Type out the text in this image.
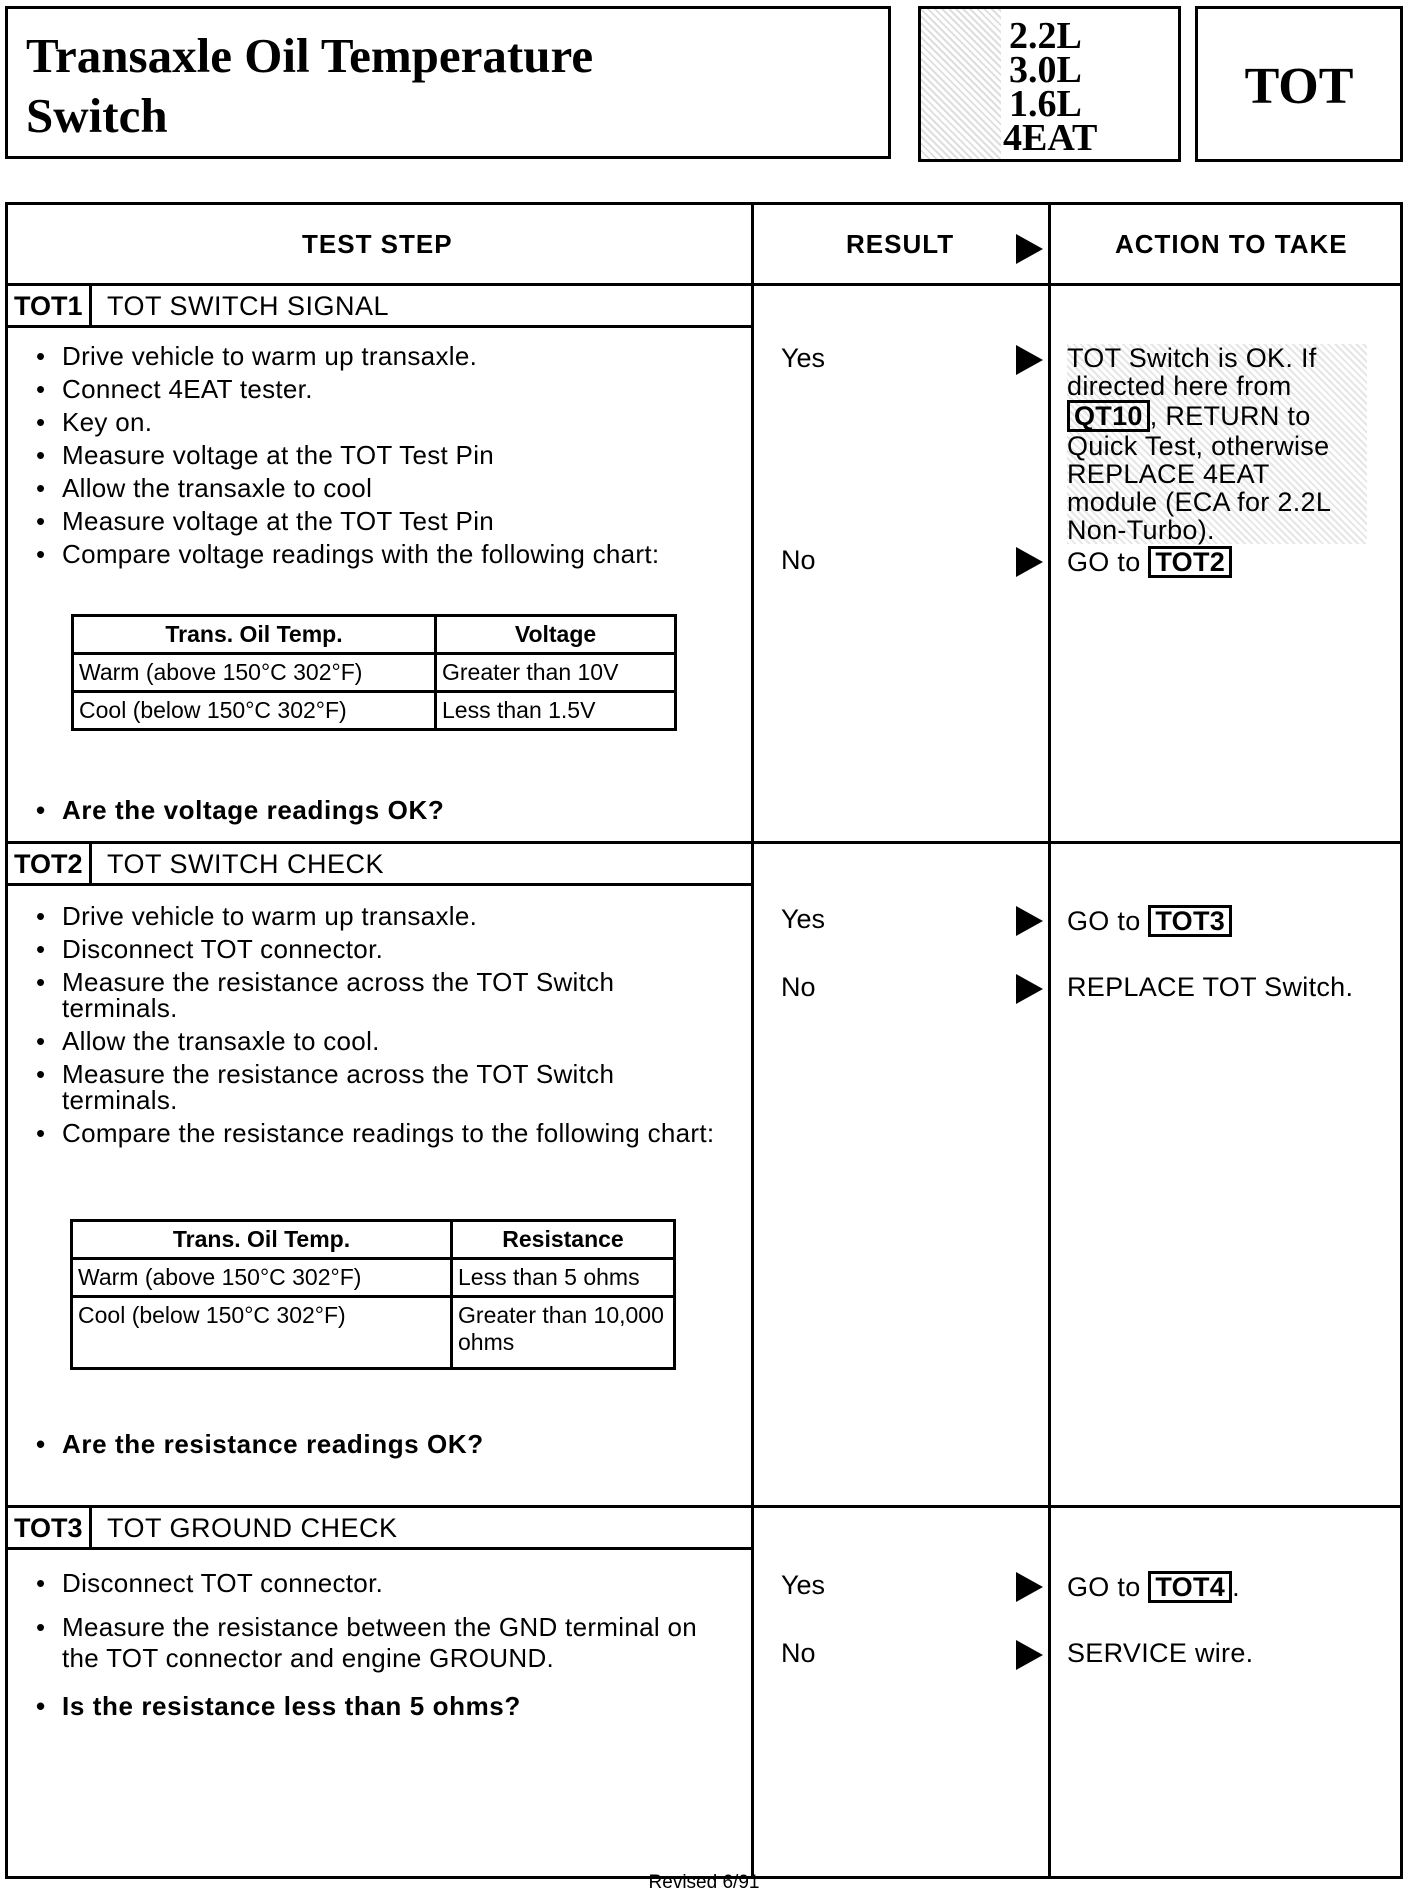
Transaxle Oil Temperature
Switch
2.2L
3.0L
1.6L
4EAT
TOT
TEST STEP	RESULT	ACTION TO TAKE
TOT1 TOT SWITCH SIGNAL
• Drive vehicle to warm up transaxle.
• Connect 4EAT tester.
• Key on.
• Measure voltage at the TOT Test Pin
• Allow the transaxle to cool
• Measure voltage at the TOT Test Pin
• Compare voltage readings with the following chart:
Trans. Oil Temp.	Voltage
Warm (above 150°C 302°F)	Greater than 10V
Cool (below 150°C 302°F)	Less than 1.5V
• Are the voltage readings OK?
Yes	TOT Switch is OK. If directed here from QT10 , RETURN to Quick Test, otherwise REPLACE 4EAT module (ECA for 2.2L Non-Turbo).
No	GO to TOT2
TOT2 TOT SWITCH CHECK
• Drive vehicle to warm up transaxle.
• Disconnect TOT connector.
• Measure the resistance across the TOT Switch terminals.
• Allow the transaxle to cool.
• Measure the resistance across the TOT Switch terminals.
• Compare the resistance readings to the following chart:
Trans. Oil Temp.	Resistance
Warm (above 150°C 302°F)	Less than 5 ohms
Cool (below 150°C 302°F)	Greater than 10,000 ohms
• Are the resistance readings OK?
Yes	GO to TOT3
No	REPLACE TOT Switch.
TOT3 TOT GROUND CHECK
• Disconnect TOT connector.
• Measure the resistance between the GND terminal on the TOT connector and engine GROUND.
• Is the resistance less than 5 ohms?
Yes	GO to TOT4 .
No	SERVICE wire.
Revised 6/91
